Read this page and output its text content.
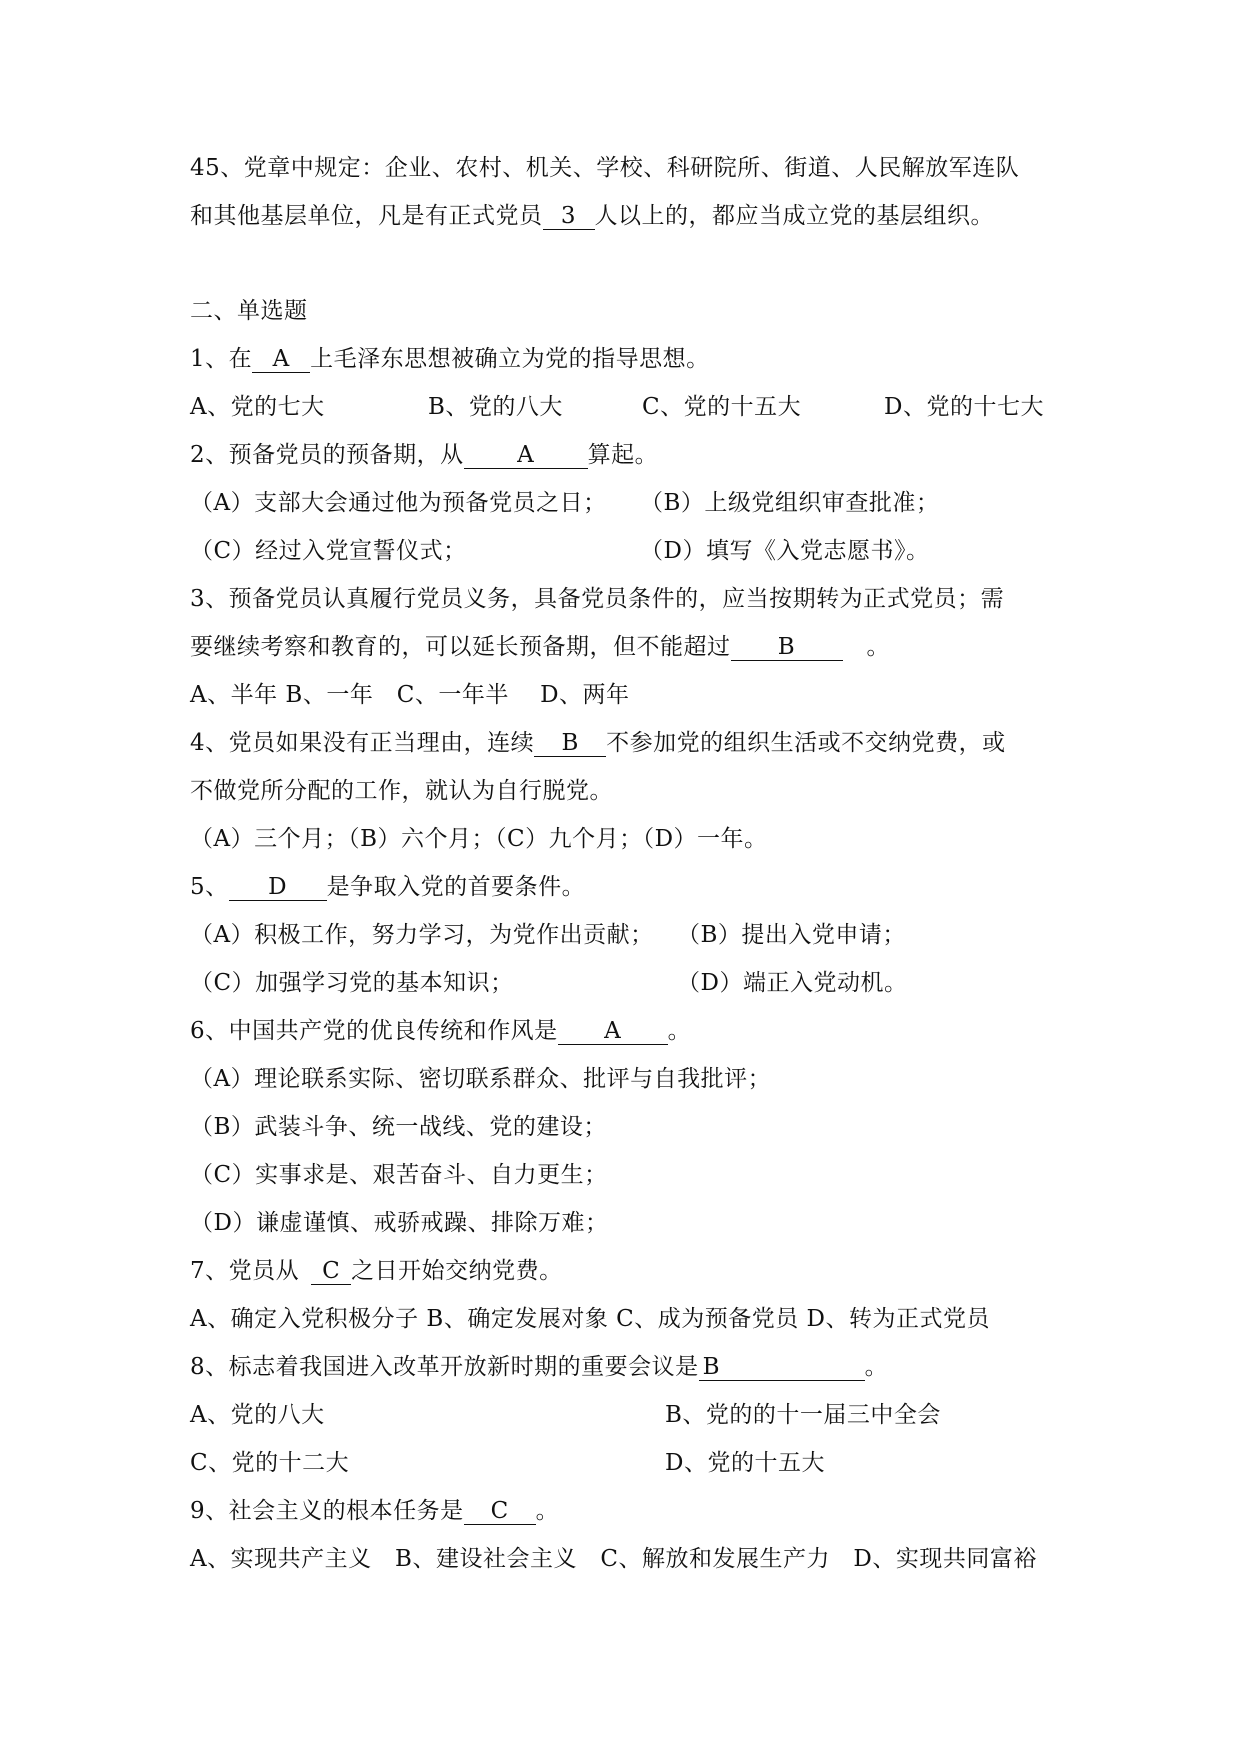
45、党章中规定：企业、农村、机关、学校、科研院所、街道、人民解放军连队
和其他基层单位，凡是有正式党员 3 人以上的，都应当成立党的基层组织。
二、单选题
1、在 A 上毛泽东思想被确立为党的指导思想。
A、党的七大	B、党的八大	C、党的十五大	D、党的十七大
2、预备党员的预备期，从 A 算起。
（A）支部大会通过他为预备党员之日； （B）上级党组织审查批准；
（C）经过入党宣誓仪式；	（D）填写《入党志愿书》。
3、预备党员认真履行党员义务，具备党员条件的，应当按期转为正式党员；需
要继续考察和教育的，可以延长预备期，但不能超过 B	。
A、半年 B、一年   C、一年半    D、两年
4、党员如果没有正当理由，连续 B 不参加党的组织生活或不交纳党费，或
不做党所分配的工作，就认为自行脱党。
（A）三个月；（B）六个月；（C）九个月；（D）一年。
5、 D 是争取入党的首要条件。
（A）积极工作，努力学习，为党作出贡献； （B）提出入党申请；
（C）加强学习党的基本知识；	（D）端正入党动机。
6、中国共产党的优良传统和作风是 A 。
（A）理论联系实际、密切联系群众、批评与自我批评；
（B）武装斗争、统一战线、党的建设；
（C）实事求是、艰苦奋斗、自力更生；
（D）谦虚谨慎、戒骄戒躁、排除万难；
7、党员从 C 之日开始交纳党费。
A、确定入党积极分子 B、确定发展对象 C、成为预备党员 D、转为正式党员
8、标志着我国进入改革开放新时期的重要会议是 B	。
A、党的八大	B、党的的十一届三中全会
C、党的十二大	D、党的十五大
9、社会主义的根本任务是 C 。
A、实现共产主义   B、建设社会主义   C、解放和发展生产力   D、实现共同富裕
